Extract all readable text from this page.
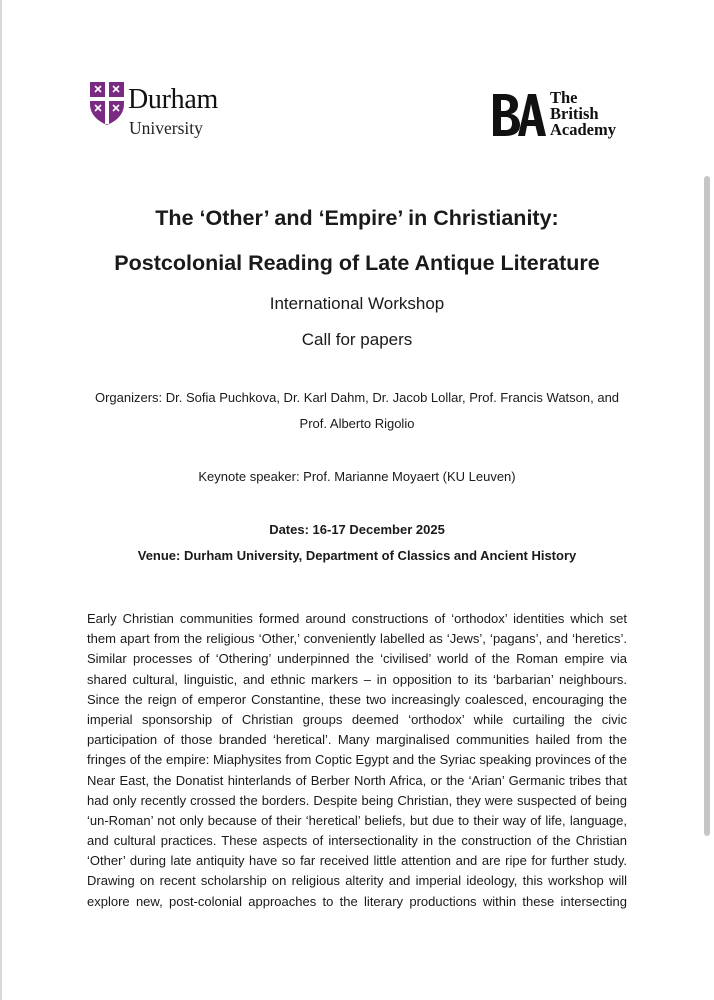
Durham
University
The
British
Academy
The ‘Other’ and ‘Empire’ in Christianity:
Postcolonial Reading of Late Antique Literature
International Workshop
Call for papers
Organizers: Dr. Sofia Puchkova, Dr. Karl Dahm, Dr. Jacob Lollar, Prof. Francis Watson, and
Prof. Alberto Rigolio
Keynote speaker: Prof. Marianne Moyaert (KU Leuven)
Dates: 16-17 December 2025
Venue: Durham University, Department of Classics and Ancient History
Early Christian communities formed around constructions of ‘orthodox’ identities which set
them apart from the religious ‘Other,’ conveniently labelled as ‘Jews’, ‘pagans’, and ‘heretics’.
Similar processes of ‘Othering’ underpinned the ‘civilised’ world of the Roman empire via
shared cultural, linguistic, and ethnic markers – in opposition to its ‘barbarian’ neighbours.
Since the reign of emperor Constantine, these two increasingly coalesced, encouraging the
imperial sponsorship of Christian groups deemed ‘orthodox’ while curtailing the civic
participation of those branded ‘heretical’. Many marginalised communities hailed from the
fringes of the empire: Miaphysites from Coptic Egypt and the Syriac speaking provinces of the
Near East, the Donatist hinterlands of Berber North Africa, or the ‘Arian’ Germanic tribes that
had only recently crossed the borders. Despite being Christian, they were suspected of being
‘un-Roman’ not only because of their ‘heretical’ beliefs, but due to their way of life, language,
and cultural practices. These aspects of intersectionality in the construction of the Christian
‘Other’ during late antiquity have so far received little attention and are ripe for further study.
Drawing on recent scholarship on religious alterity and imperial ideology, this workshop will
explore new, post-colonial approaches to the literary productions within these intersecting
